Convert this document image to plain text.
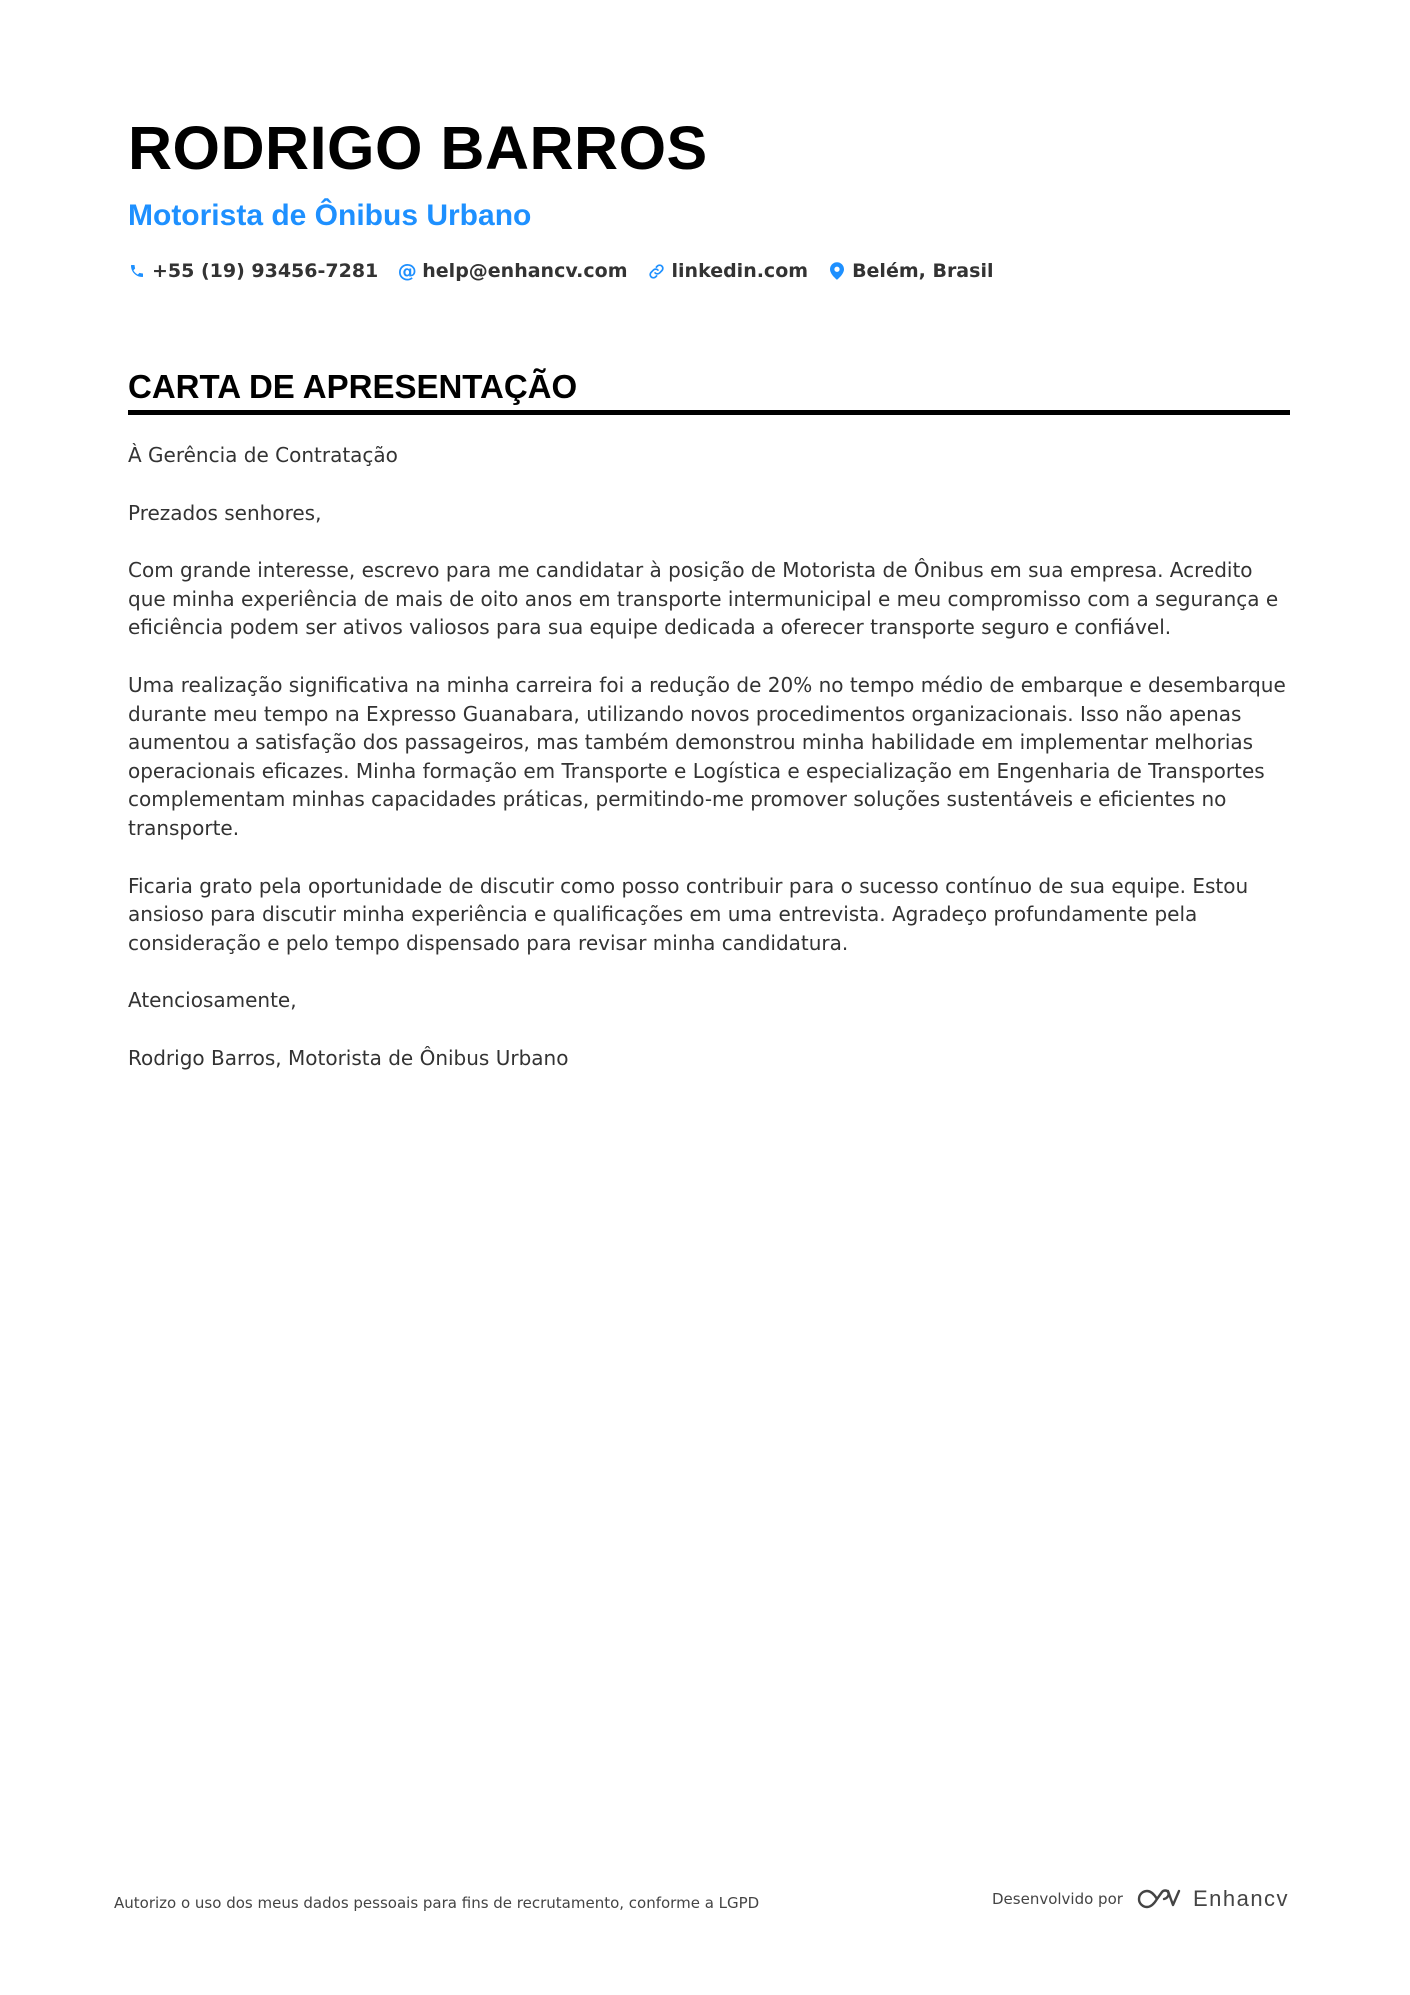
RODRIGO BARROS
Motorista de Ônibus Urbano
+55 (19) 93456-7281 @ help@enhancv.com linkedin.com Belém, Brasil
CARTA DE APRESENTAÇÃO

À Gerência de Contratação

Prezados senhores,

Com grande interesse, escrevo para me candidatar à posição de Motorista de Ônibus em sua empresa. Acredito que minha experiência de mais de oito anos em transporte intermunicipal e meu compromisso com a segurança e eficiência podem ser ativos valiosos para sua equipe dedicada a oferecer transporte seguro e confiável.

Uma realização significativa na minha carreira foi a redução de 20% no tempo médio de embarque e desembarque durante meu tempo na Expresso Guanabara, utilizando novos procedimentos organizacionais. Isso não apenas aumentou a satisfação dos passageiros, mas também demonstrou minha habilidade em implementar melhorias operacionais eficazes. Minha formação em Transporte e Logística e especialização em Engenharia de Transportes complementam minhas capacidades práticas, permitindo-me promover soluções sustentáveis e eficientes no transporte.

Ficaria grato pela oportunidade de discutir como posso contribuir para o sucesso contínuo de sua equipe. Estou ansioso para discutir minha experiência e qualificações em uma entrevista. Agradeço profundamente pela consideração e pelo tempo dispensado para revisar minha candidatura.

Atenciosamente,

Rodrigo Barros, Motorista de Ônibus Urbano

Autorizo o uso dos meus dados pessoais para fins de recrutamento, conforme a LGPD	Desenvolvido por	Enhancv
